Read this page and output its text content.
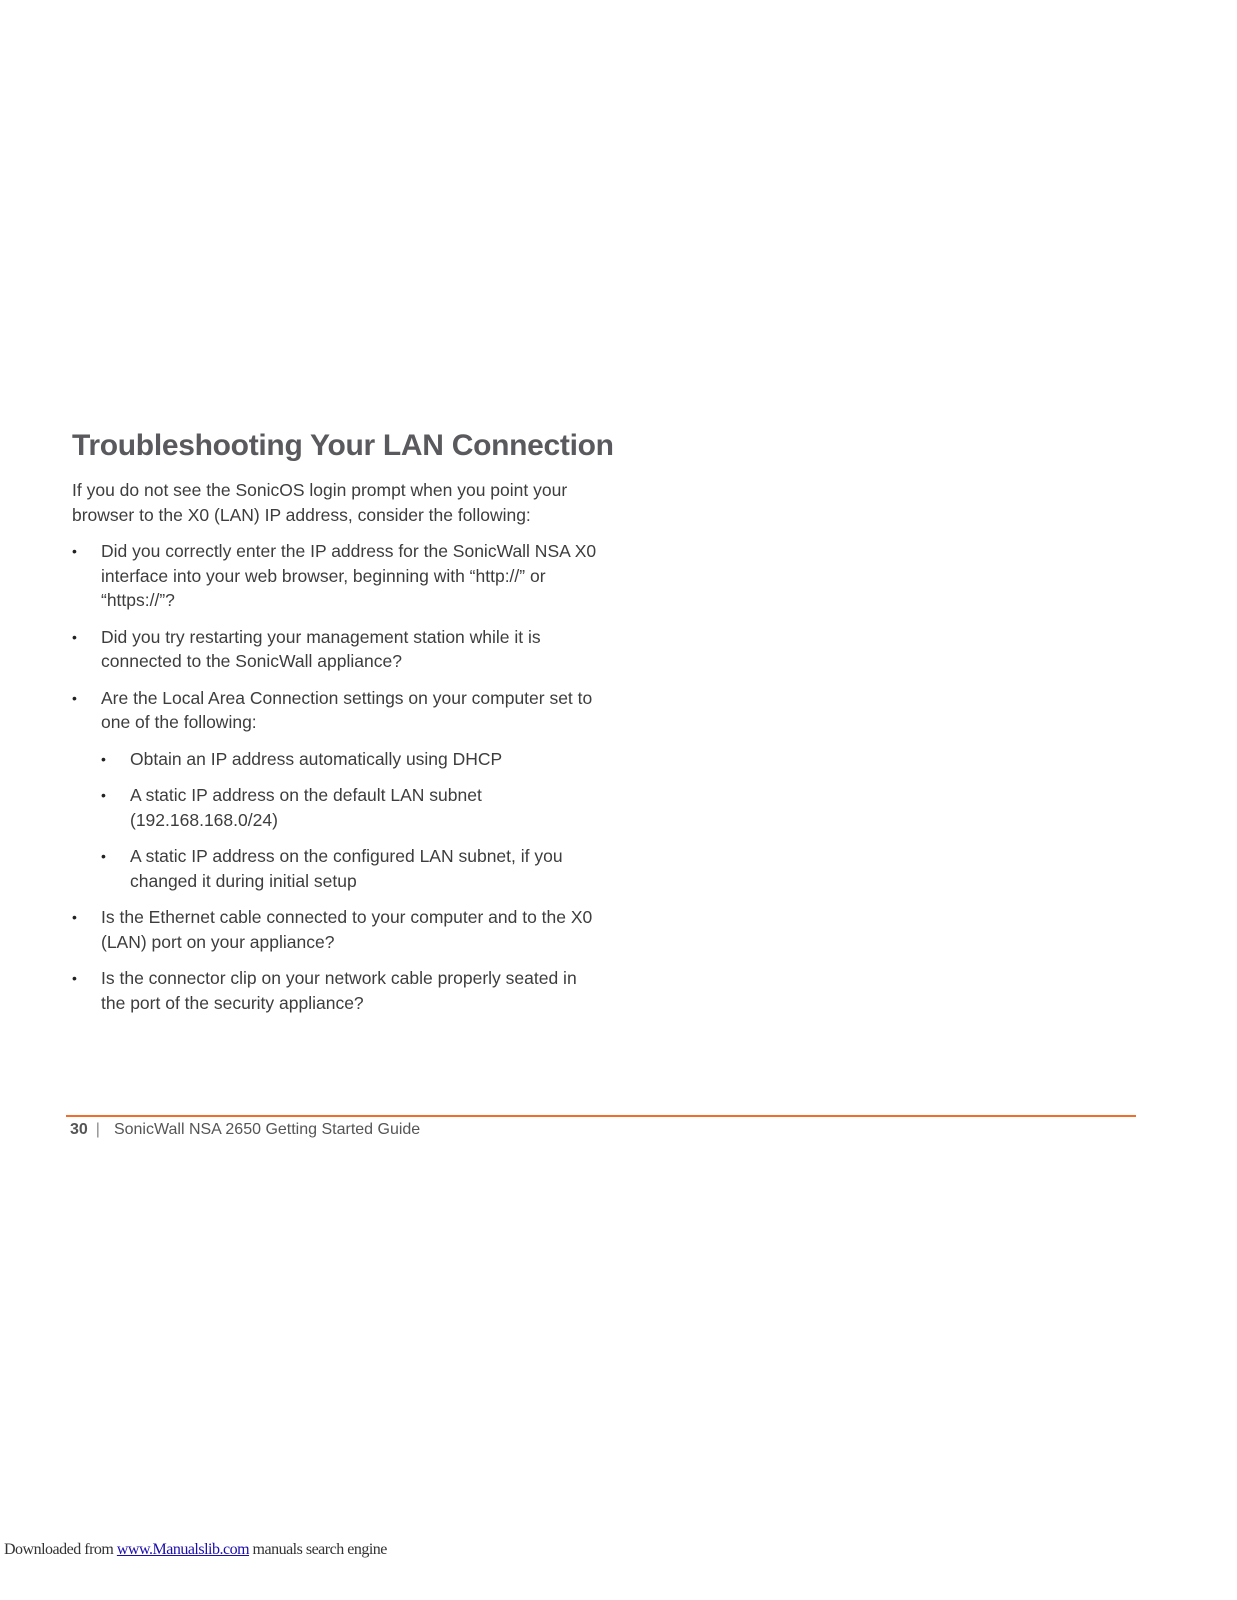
Troubleshooting Your LAN Connection

If you do not see the SonicOS login prompt when you point your browser to the X0 (LAN) IP address, consider the following:

• Did you correctly enter the IP address for the SonicWall NSA X0 interface into your web browser, beginning with “http://” or “https://”?
• Did you try restarting your management station while it is connected to the SonicWall appliance?
• Are the Local Area Connection settings on your computer set to one of the following:
• Obtain an IP address automatically using DHCP
• A static IP address on the default LAN subnet (192.168.168.0/24)
• A static IP address on the configured LAN subnet, if you changed it during initial setup
• Is the Ethernet cable connected to your computer and to the X0 (LAN) port on your appliance?
• Is the connector clip on your network cable properly seated in the port of the security appliance?
30 | SonicWall NSA 2650 Getting Started Guide
Downloaded from www.Manualslib.com manuals search engine
